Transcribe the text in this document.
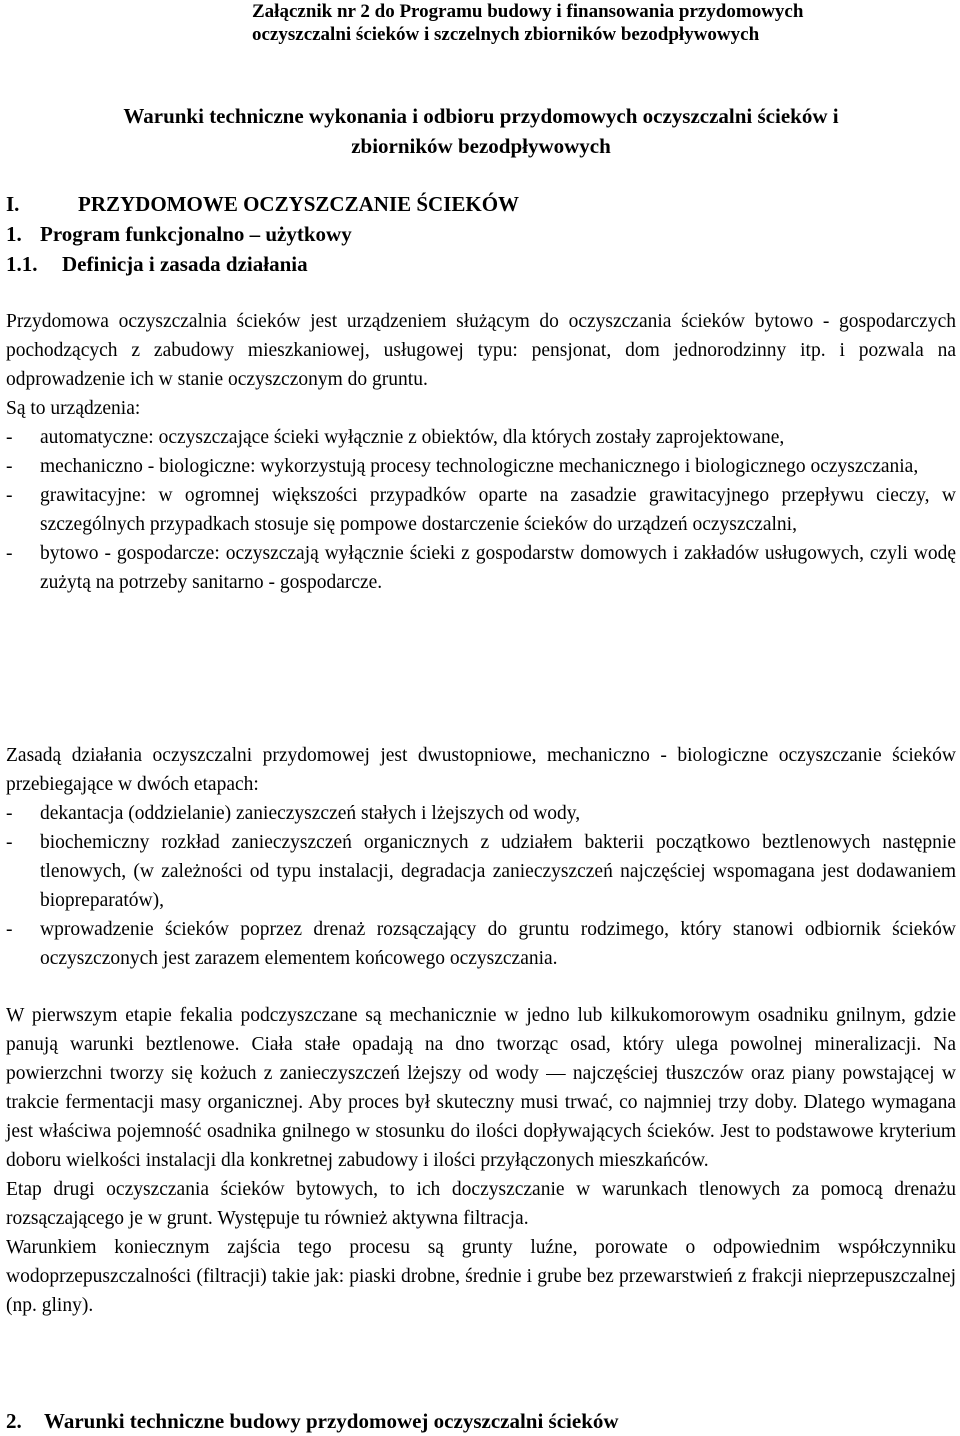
Załącznik nr 2 do Programu budowy i finansowania przydomowych
oczyszczalni ścieków i szczelnych zbiorników bezodpływowych
Warunki techniczne wykonania i odbioru przydomowych oczyszczalni ścieków i
zbiorników bezodpływowych
I.	PRZYDOMOWE OCZYSZCZANIE ŚCIEKÓW
1. Program funkcjonalno – użytkowy
1.1. Definicja i zasada działania

Przydomowa oczyszczalnia ścieków jest urządzeniem służącym do oczyszczania ścieków bytowo - gospodarczych pochodzących z zabudowy mieszkaniowej, usługowej typu: pensjonat, dom jednorodzinny itp. i pozwala na odprowadzenie ich w stanie oczyszczonym do gruntu.

Są to urządzenia:

- automatyczne: oczyszczające ścieki wyłącznie z obiektów, dla których zostały zaprojektowane,
- mechaniczno - biologiczne: wykorzystują procesy technologiczne mechanicznego i biologicznego oczyszczania,
- grawitacyjne: w ogromnej większości przypadków oparte na zasadzie grawitacyjnego przepływu cieczy, w szczególnych przypadkach stosuje się pompowe dostarczenie ścieków do urządzeń oczyszczalni,
- bytowo - gospodarcze: oczyszczają wyłącznie ścieki z gospodarstw domowych i zakładów usługowych, czyli wodę zużytą na potrzeby sanitarno - gospodarcze.

Zasadą działania oczyszczalni przydomowej jest dwustopniowe, mechaniczno - biologiczne oczyszczanie ścieków przebiegające w dwóch etapach:

- dekantacja (oddzielanie) zanieczyszczeń stałych i lżejszych od wody,
- biochemiczny rozkład zanieczyszczeń organicznych z udziałem bakterii początkowo beztlenowych następnie tlenowych, (w zależności od typu instalacji, degradacja zanieczyszczeń najczęściej wspomagana jest dodawaniem biopreparatów),
- wprowadzenie ścieków poprzez drenaż rozsączający do gruntu rodzimego, który stanowi odbiornik ścieków oczyszczonych jest zarazem elementem końcowego oczyszczania.

W pierwszym etapie fekalia podczyszczane są mechanicznie w jedno lub kilkukomorowym osadniku gnilnym, gdzie panują warunki beztlenowe. Ciała stałe opadają na dno tworząc osad, który ulega powolnej mineralizacji. Na powierzchni tworzy się kożuch z zanieczyszczeń lżejszy od wody — najczęściej tłuszczów oraz piany powstającej w trakcie fermentacji masy organicznej. Aby proces był skuteczny musi trwać, co najmniej trzy doby. Dlatego wymagana jest właściwa pojemność osadnika gnilnego w stosunku do ilości dopływających ścieków. Jest to podstawowe kryterium doboru wielkości instalacji dla konkretnej zabudowy i ilości przyłączonych mieszkańców.

Etap drugi oczyszczania ścieków bytowych, to ich doczyszczanie w warunkach tlenowych za pomocą drenażu rozsączającego je w grunt. Występuje tu również aktywna filtracja.

Warunkiem koniecznym zajścia tego procesu są grunty luźne, porowate o odpowiednim współczynniku wodoprzepuszczalności (filtracji) takie jak: piaski drobne, średnie i grube bez przewarstwień z frakcji nieprzepuszczalnej (np. gliny).

2. Warunki techniczne budowy przydomowej oczyszczalni ścieków
